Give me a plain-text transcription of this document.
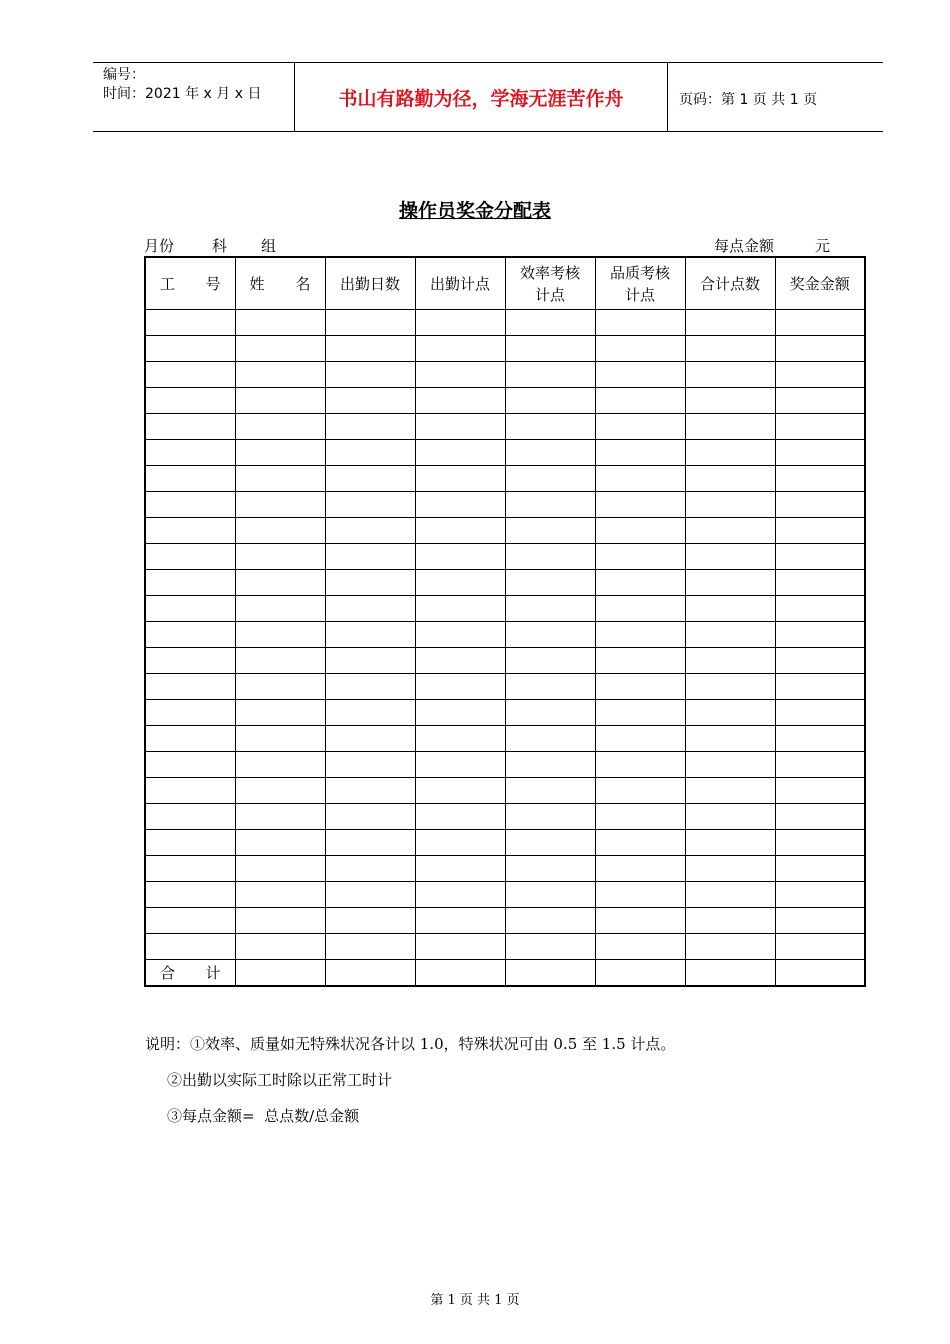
编号：
时间：2021 年 x 月 x 日	书山有路勤为径，学海无涯苦作舟	页码：第 1 页 共 1 页
操作员奖金分配表
月份	科 组	每点金额	元
工 号	姓 名	出勤日数	出勤计点	效率考核计点	品质考核计点	合计点数	奖金金额

合 计							

说明：①效率、质量如无特殊状况各计以 1.0，特殊状况可由 0.5 至 1.5 计点。
②出勤以实际工时除以正常工时计
③每点金额=  总点数/总金额
第 1 页 共 1 页
